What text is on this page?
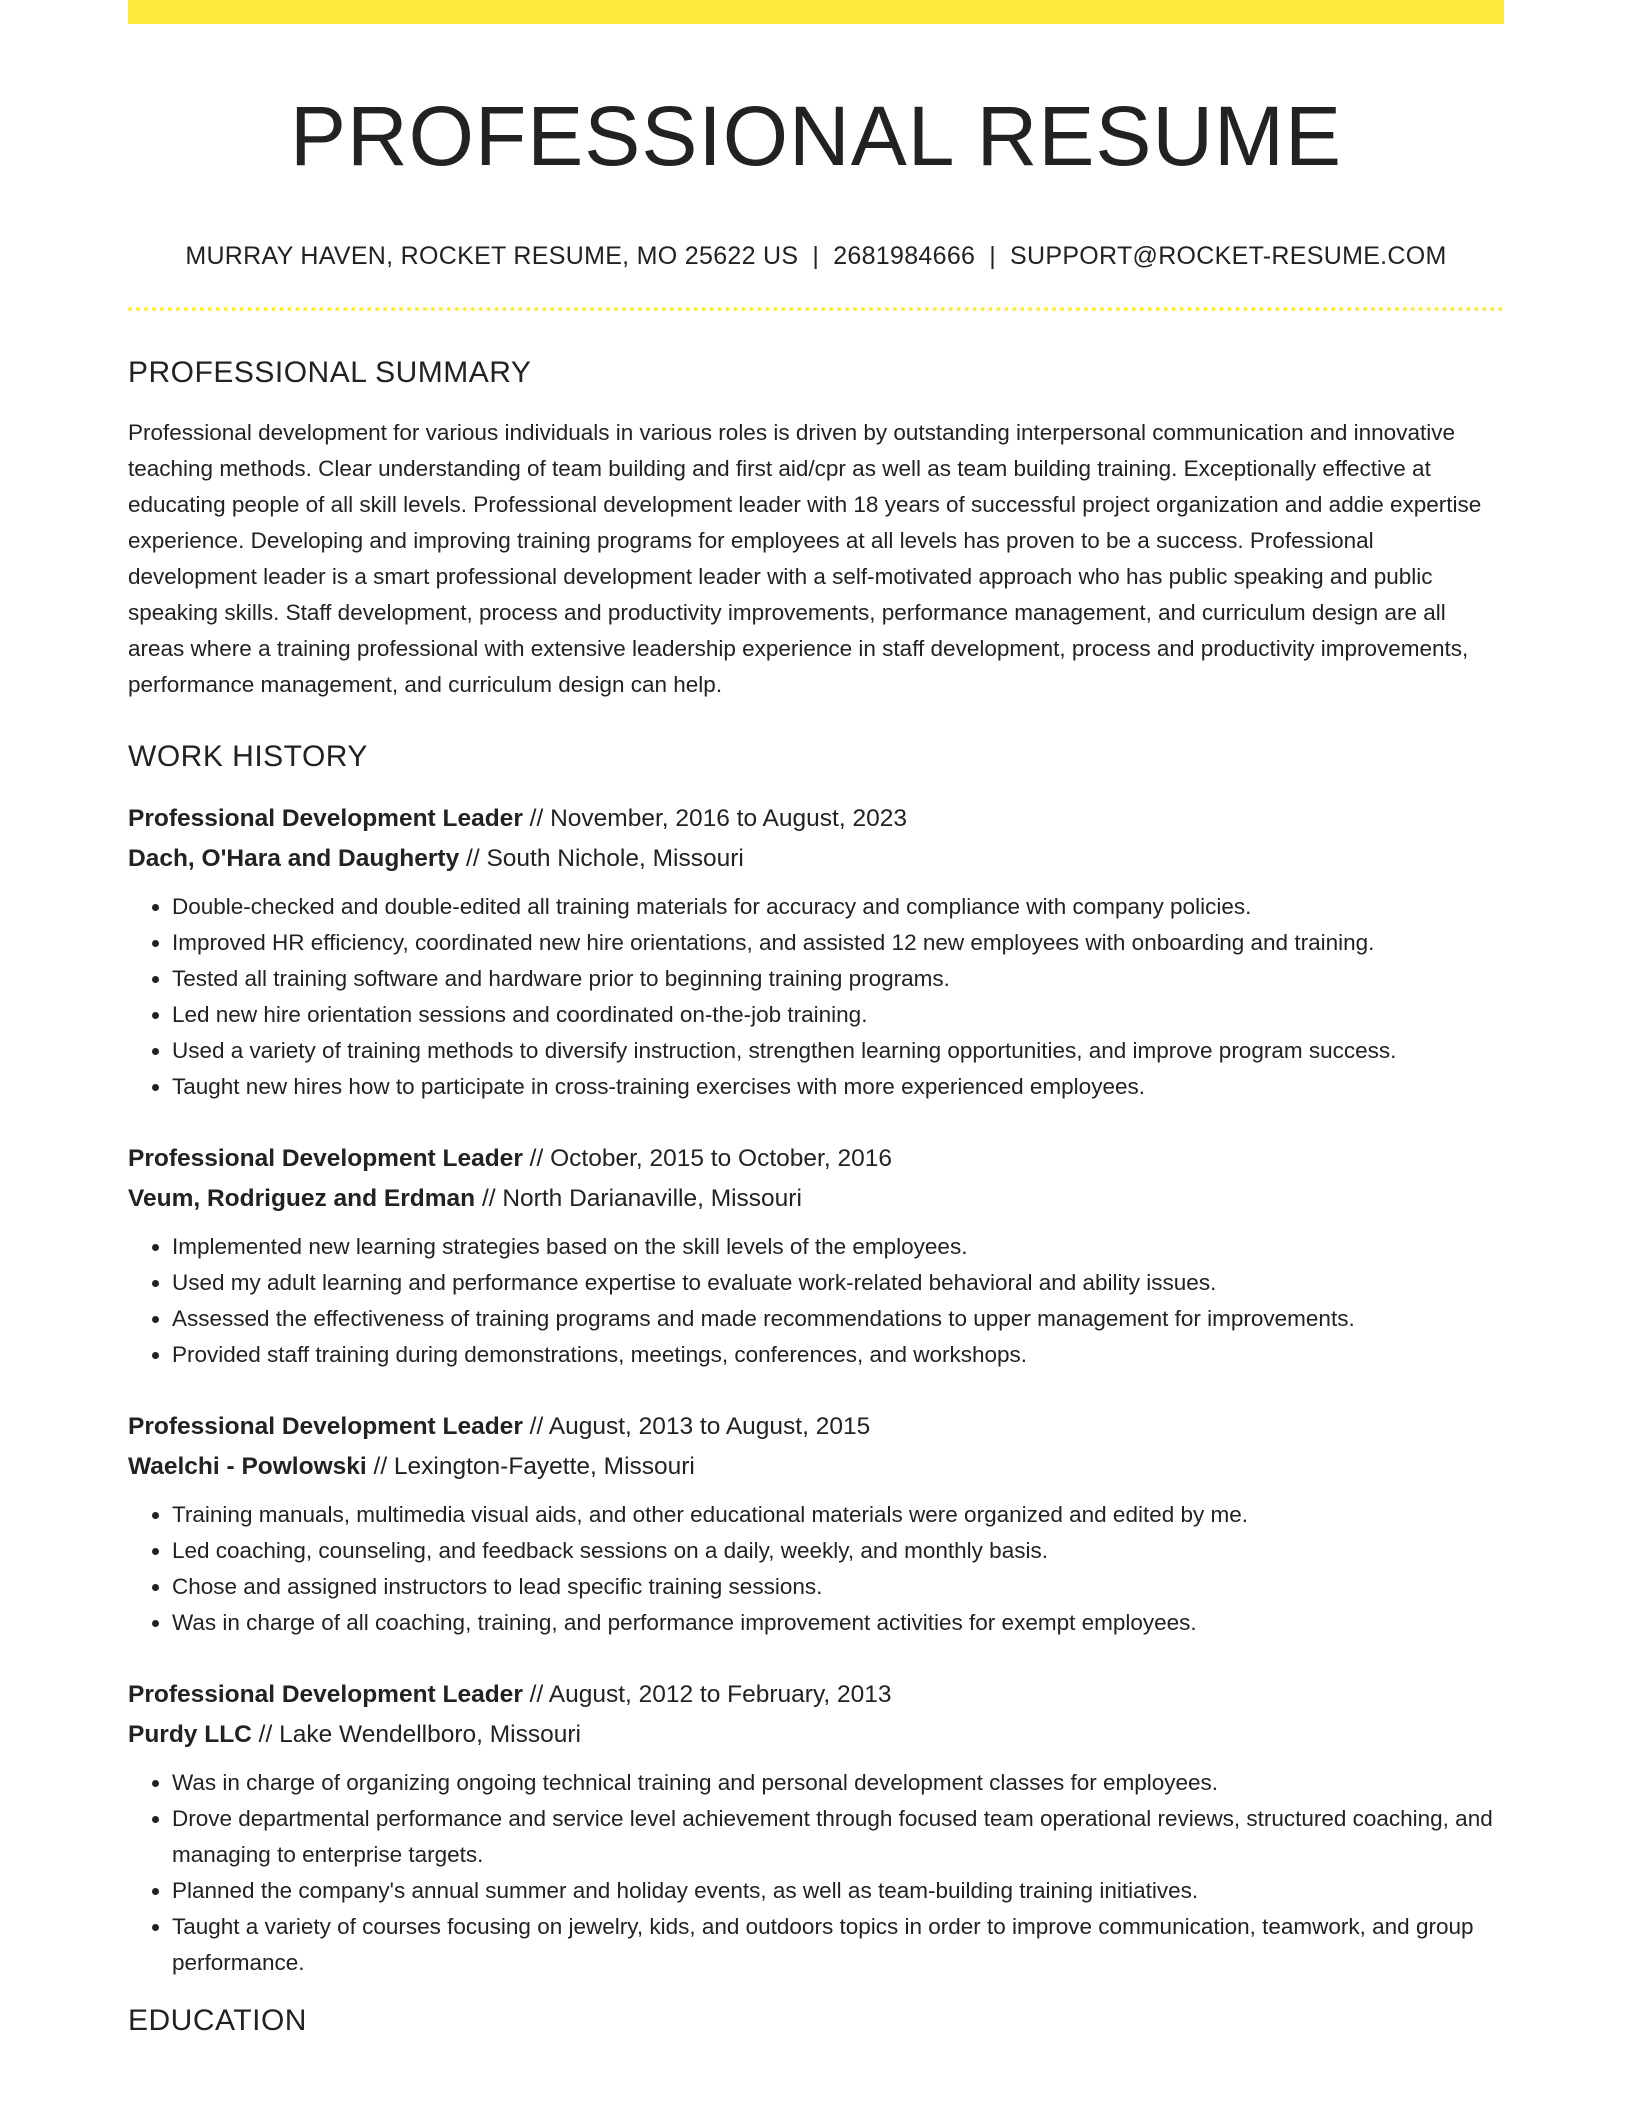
PROFESSIONAL RESUME
MURRAY HAVEN, ROCKET RESUME, MO 25622 US | 2681984666 | SUPPORT@ROCKET-RESUME.COM
PROFESSIONAL SUMMARY

Professional development for various individuals in various roles is driven by outstanding interpersonal communication and innovative teaching methods. Clear understanding of team building and first aid/cpr as well as team building training. Exceptionally effective at educating people of all skill levels. Professional development leader with 18 years of successful project organization and addie expertise experience. Developing and improving training programs for employees at all levels has proven to be a success. Professional development leader is a smart professional development leader with a self-motivated approach who has public speaking and public speaking skills. Staff development, process and productivity improvements, performance management, and curriculum design are all areas where a training professional with extensive leadership experience in staff development, process and productivity improvements, performance management, and curriculum design can help.

WORK HISTORY
Professional Development Leader // November, 2016 to August, 2023
Dach, O'Hara and Daugherty // South Nichole, Missouri
• Double-checked and double-edited all training materials for accuracy and compliance with company policies.
• Improved HR efficiency, coordinated new hire orientations, and assisted 12 new employees with onboarding and training.
• Tested all training software and hardware prior to beginning training programs.
• Led new hire orientation sessions and coordinated on-the-job training.
• Used a variety of training methods to diversify instruction, strengthen learning opportunities, and improve program success.
• Taught new hires how to participate in cross-training exercises with more experienced employees.
Professional Development Leader // October, 2015 to October, 2016
Veum, Rodriguez and Erdman // North Darianaville, Missouri
• Implemented new learning strategies based on the skill levels of the employees.
• Used my adult learning and performance expertise to evaluate work-related behavioral and ability issues.
• Assessed the effectiveness of training programs and made recommendations to upper management for improvements.
• Provided staff training during demonstrations, meetings, conferences, and workshops.
Professional Development Leader // August, 2013 to August, 2015
Waelchi - Powlowski // Lexington-Fayette, Missouri
• Training manuals, multimedia visual aids, and other educational materials were organized and edited by me.
• Led coaching, counseling, and feedback sessions on a daily, weekly, and monthly basis.
• Chose and assigned instructors to lead specific training sessions.
• Was in charge of all coaching, training, and performance improvement activities for exempt employees.
Professional Development Leader // August, 2012 to February, 2013
Purdy LLC // Lake Wendellboro, Missouri
• Was in charge of organizing ongoing technical training and personal development classes for employees.
• Drove departmental performance and service level achievement through focused team operational reviews, structured coaching, and managing to enterprise targets.
• Planned the company's annual summer and holiday events, as well as team-building training initiatives.
• Taught a variety of courses focusing on jewelry, kids, and outdoors topics in order to improve communication, teamwork, and group performance.
EDUCATION
